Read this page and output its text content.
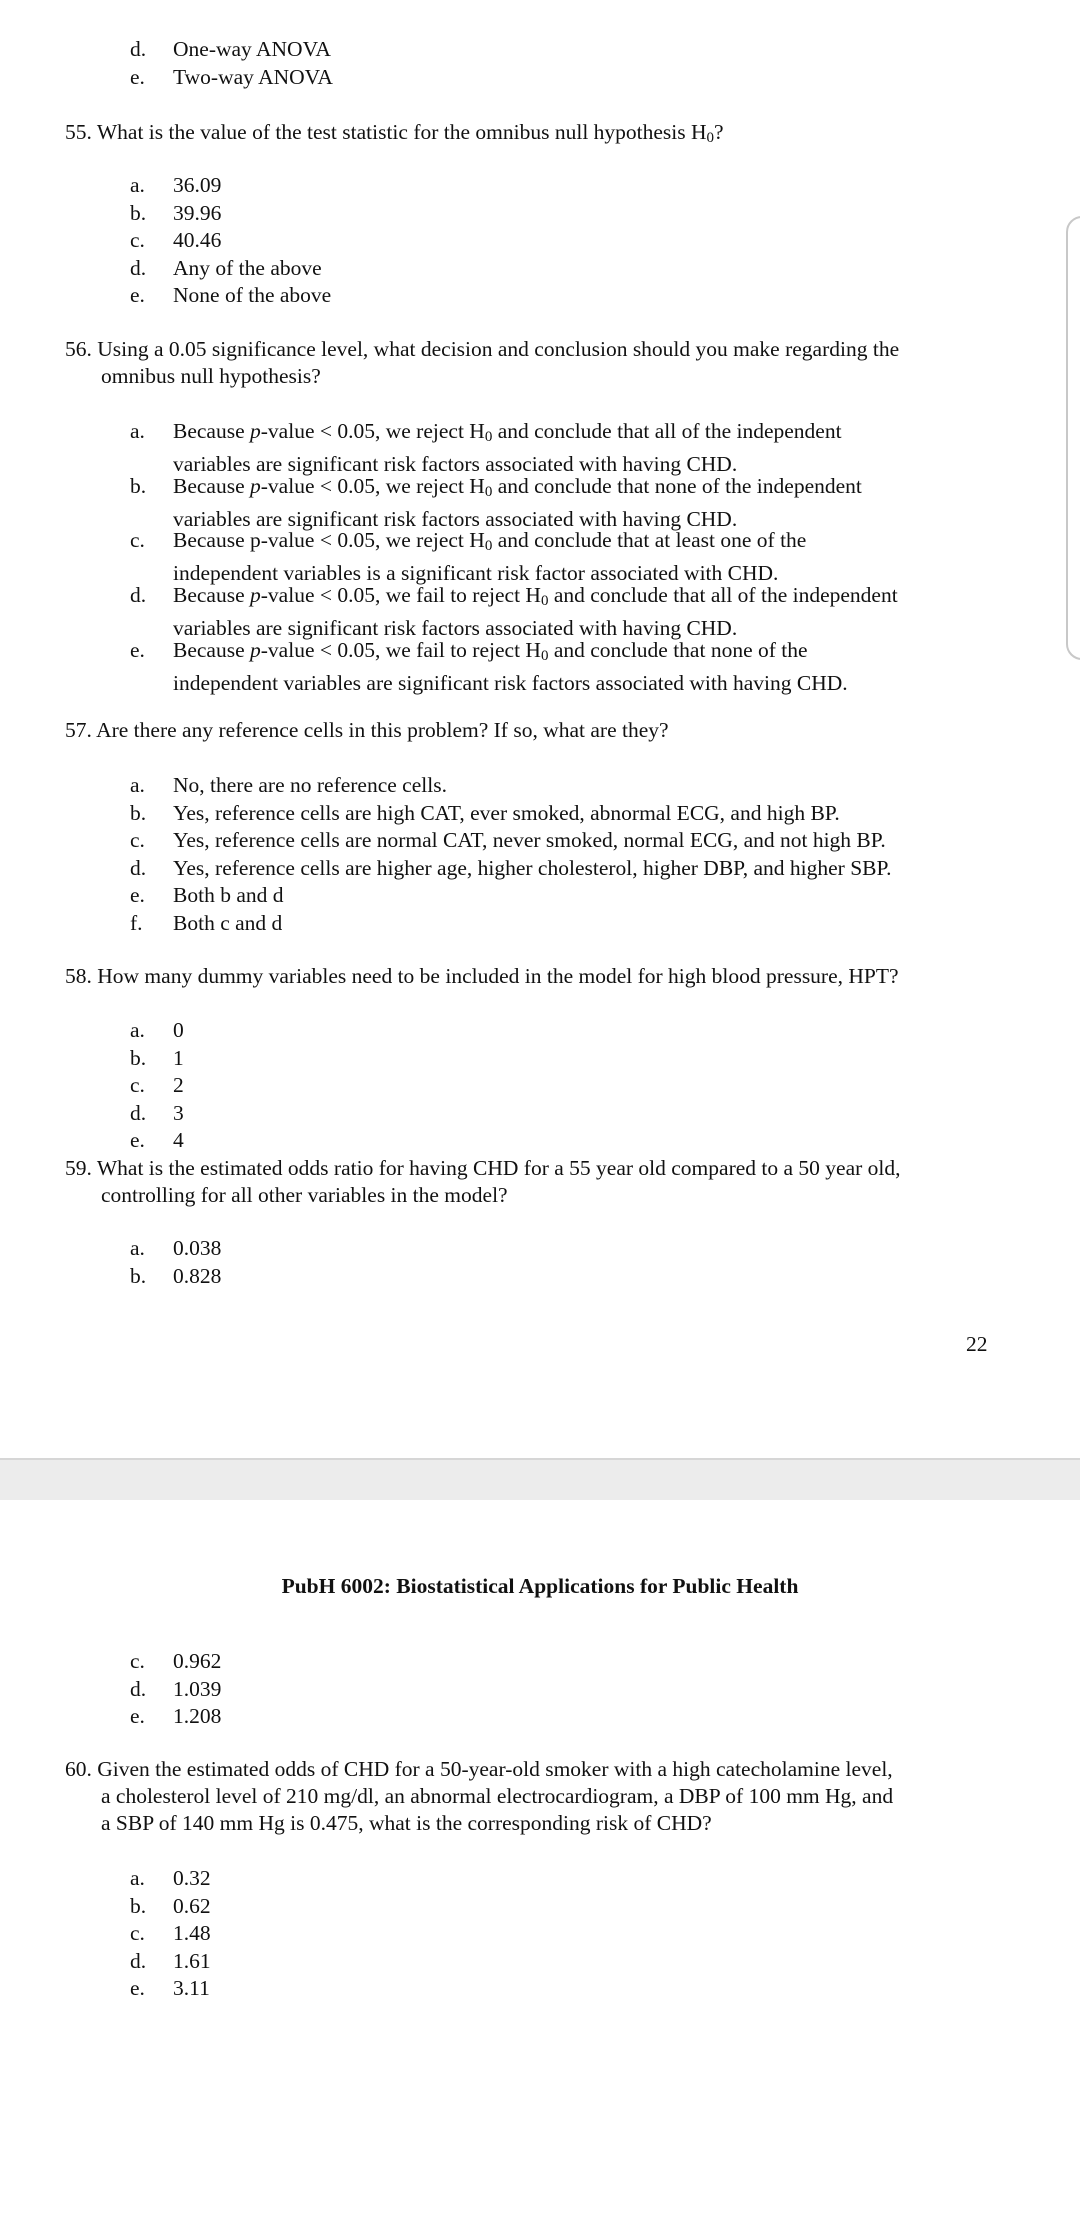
d.	One-way ANOVA
e.	Two-way ANOVA
55. What is the value of the test statistic for the omnibus null hypothesis H0?
a.	36.09
b.	39.96
c.	40.46
d.	Any of the above
e.	None of the above
56. Using a 0.05 significance level, what decision and conclusion should you make regarding the
omnibus null hypothesis?
a.	Because p-value < 0.05, we reject H0 and conclude that all of the independent
variables are significant risk factors associated with having CHD.
b.	Because p-value < 0.05, we reject H0 and conclude that none of the independent
variables are significant risk factors associated with having CHD.
c.	Because p-value < 0.05, we reject H0 and conclude that at least one of the
independent variables is a significant risk factor associated with CHD.
d.	Because p-value < 0.05, we fail to reject H0 and conclude that all of the independent
variables are significant risk factors associated with having CHD.
e.	Because p-value < 0.05, we fail to reject H0 and conclude that none of the
independent variables are significant risk factors associated with having CHD.
57. Are there any reference cells in this problem? If so, what are they?
a.	No, there are no reference cells.
b.	Yes, reference cells are high CAT, ever smoked, abnormal ECG, and high BP.
c.	Yes, reference cells are normal CAT, never smoked, normal ECG, and not high BP.
d.	Yes, reference cells are higher age, higher cholesterol, higher DBP, and higher SBP.
e.	Both b and d
f.	Both c and d
58. How many dummy variables need to be included in the model for high blood pressure, HPT?
a.	0
b.	1
c.	2
d.	3
e.	4
59. What is the estimated odds ratio for having CHD for a 55 year old compared to a 50 year old,
controlling for all other variables in the model?
a.	0.038
b.	0.828
22
PubH 6002: Biostatistical Applications for Public Health
c.	0.962
d.	1.039
e.	1.208
60. Given the estimated odds of CHD for a 50-year-old smoker with a high catecholamine level,
a cholesterol level of 210 mg/dl, an abnormal electrocardiogram, a DBP of 100 mm Hg, and
a SBP of 140 mm Hg is 0.475, what is the corresponding risk of CHD?
a.	0.32
b.	0.62
c.	1.48
d.	1.61
e.	3.11
